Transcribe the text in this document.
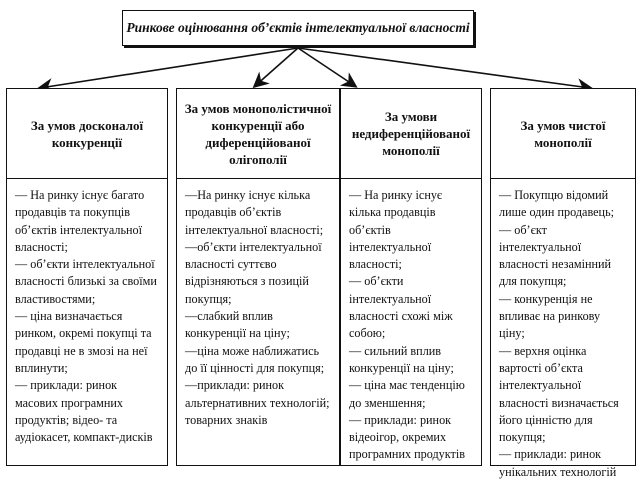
Ринкове оцінювання об’єктів інтелектуальної власності
За умов досконалої конкуренції

— На ринку існує багато продавців та покупців об’єктів інтелектуальної власності;
— об’єкти інтелектуальної власності близькі за своїми властивостями;
— ціна визначається ринком, окремі покупці та продавці не в змозі на неї вплинути;
— приклади: ринок масових програмних продуктів; відео- та аудіокасет, компакт-дисків

За умов монополістичної конкуренції або диференційованої олігополії

—На ринку існує кілька продавців об’єктів інтелектуальної власності;
—об’єкти інтелектуальної власності суттєво відрізняються з позицій покупця;
—слабкий вплив конкуренції на ціну;
—ціна може наближатись до її цінності для покупця;
—приклади: ринок альтернативних технологій; товарних знаків

За умови недиференційованої монополії

— На ринку існує кілька продавців об’єктів інтелектуальної власності;
— об’єкти інтелектуальної власності схожі між собою;
— сильний вплив конкуренції на ціну;
— ціна має тенденцію до зменшення;
— приклади: ринок відеоігор, окремих програмних продуктів

За умов чистої монополії

— Покупцю відомий лише один продавець;
— об’єкт інтелектуальної власності незамінний для покупця;
— конкуренція не впливає на ринкову ціну;
— верхня оцінка вартості об’єкта інтелектуальної власності визначається його цінністю для покупця;
— приклади: ринок унікальних технологій
